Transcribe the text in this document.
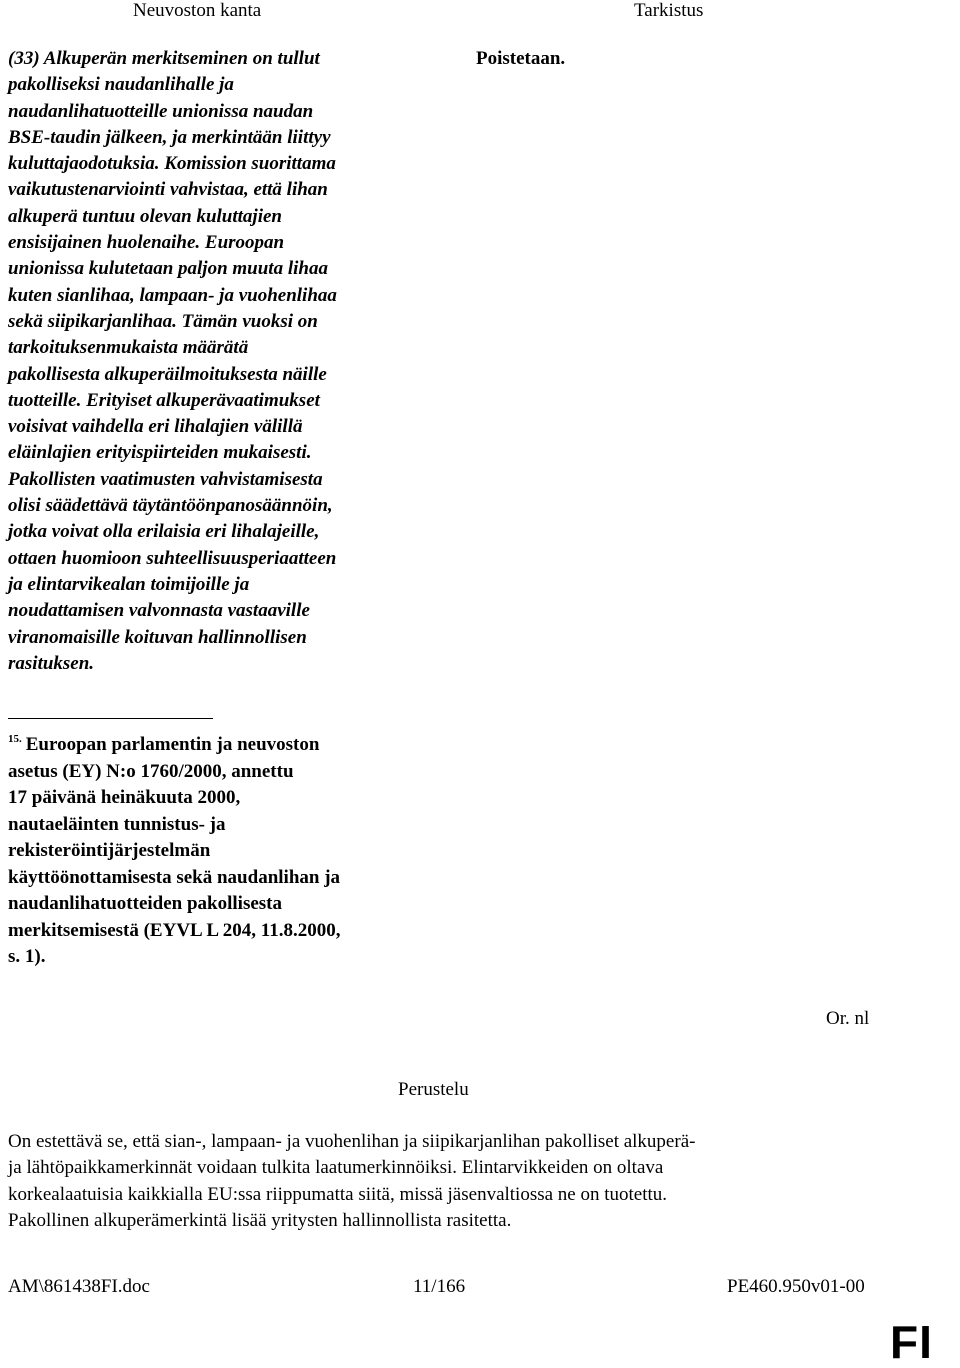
Neuvoston kanta	Tarkistus
(33) Alkuperän merkitseminen on tullut
pakolliseksi naudanlihalle ja
naudanlihatuotteille unionissa naudan
BSE-taudin jälkeen, ja merkintään liittyy
kuluttajaodotuksia. Komission suorittama
vaikutustenarviointi vahvistaa, että lihan
alkuperä tuntuu olevan kuluttajien
ensisijainen huolenaihe. Euroopan
unionissa kulutetaan paljon muuta lihaa
kuten sianlihaa, lampaan- ja vuohenlihaa
sekä siipikarjanlihaa. Tämän vuoksi on
tarkoituksenmukaista määrätä
pakollisesta alkuperäilmoituksesta näille
tuotteille. Erityiset alkuperävaatimukset
voisivat vaihdella eri lihalajien välillä
eläinlajien erityispiirteiden mukaisesti.
Pakollisten vaatimusten vahvistamisesta
olisi säädettävä täytäntöönpanosäännöin,
jotka voivat olla erilaisia eri lihalajeille,
ottaen huomioon suhteellisuusperiaatteen
ja elintarvikealan toimijoille ja
noudattamisen valvonnasta vastaaville
viranomaisille koituvan hallinnollisen
rasituksen.
Poistetaan.
$^{15.}$ Euroopan parlamentin ja neuvoston
asetus (EY) N:o 1760/2000, annettu
17 päivänä heinäkuuta 2000,
nautaeläinten tunnistus- ja
rekisteröintijärjestelmän
käyttöönottamisesta sekä naudanlihan ja
naudanlihatuotteiden pakollisesta
merkitsemisestä (EYVL L 204, 11.8.2000,
s. 1).
Or. nl
Perustelu
On estettävä se, että sian-, lampaan- ja vuohenlihan ja siipikarjanlihan pakolliset alkuperä-
ja lähtöpaikkamerkinnät voidaan tulkita laatumerkinnöiksi. Elintarvikkeiden on oltava
korkealaatuisia kaikkialla EU:ssa riippumatta siitä, missä jäsenvaltiossa ne on tuotettu.
Pakollinen alkuperämerkintä lisää yritysten hallinnollista rasitetta.
AM\861438FI.doc	11/166	PE460.950v01-00
FI
